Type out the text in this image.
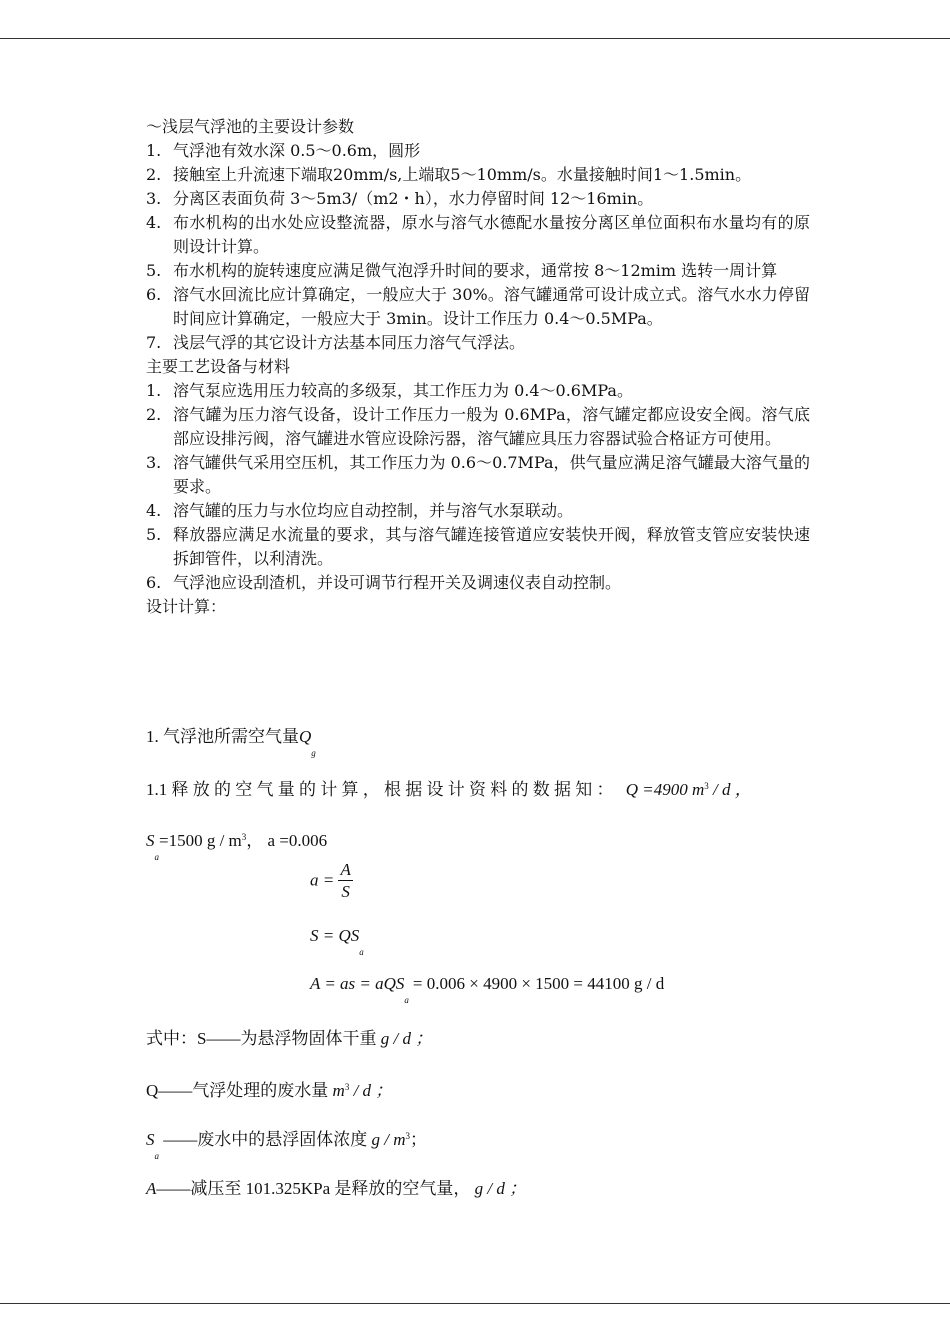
～浅层气浮池的主要设计参数

1. 气浮池有效水深 0.5～0.6m，圆形
2. 接触室上升流速下端取20mm/s,上端取5～10mm/s。水量接触时间1～1.5min。
3. 分离区表面负荷 3～5m3/（m2・h），水力停留时间 12～16min。
4. 布水机构的出水处应设整流器，原水与溶气水德配水量按分离区单位面积布水量均有的原则设计计算。
5. 布水机构的旋转速度应满足微气泡浮升时间的要求，通常按 8～12mim 选转一周计算
6. 溶气水回流比应计算确定，一般应大于 30%。溶气罐通常可设计成立式。溶气水水力停留时间应计算确定，一般应大于 3min。设计工作压力 0.4～0.5MPa。
7. 浅层气浮的其它设计方法基本同压力溶气气浮法。

主要工艺设备与材料

1. 溶气泵应选用压力较高的多级泵，其工作压力为 0.4～0.6MPa。
2. 溶气罐为压力溶气设备，设计工作压力一般为 0.6MPa，溶气罐定都应设安全阀。溶气底部应设排污阀，溶气罐进水管应设除污器，溶气罐应具压力容器试验合格证方可使用。
3. 溶气罐供气采用空压机，其工作压力为 0.6～0.7MPa，供气量应满足溶气罐最大溶气量的要求。
4. 溶气罐的压力与水位均应自动控制，并与溶气水泵联动。
5. 释放器应满足水流量的要求，其与溶气罐连接管道应安装快开阀，释放管支管应安装快速拆卸管件，以利清洗。
6. 气浮池应设刮渣机，并设可调节行程开关及调速仪表自动控制。

设计计算：

1. 气浮池所需空气量$Q_g$
1.1 释 放 的 空 气 量 的 计 算 ， 根 据 设 计 资 料 的 数 据 知 ： Q =4900 $m^3$ / d ，
$S_a=1500$ g / $m^3$， a =0.006
$a = \frac{A}{S}$
$S = QS_a$
A = as = aQS$_a$= 0.006 × 4900 × 1500 = 44100 g / d
式中：S——为悬浮物固体干重 g / d ；
Q——气浮处理的废水量 $m^3$ / d ；
$S_a$ ——废水中的悬浮固体浓度 g / $m^3$；
A——减压至 101.325KPa 是释放的空气量， g / d ；
